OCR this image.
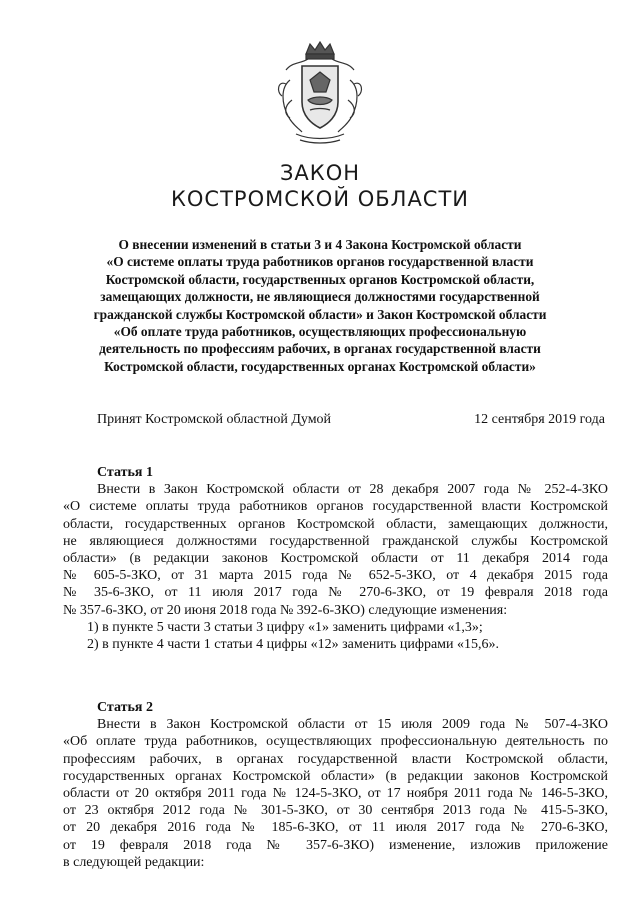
ЗАКОН
КОСТРОМСКОЙ ОБЛАСТИ
О внесении изменений в статьи 3 и 4 Закона Костромской области
«О системе оплаты труда работников органов государственной власти
Костромской области, государственных органов Костромской области,
замещающих должности, не являющиеся должностями государственной
гражданской службы Костромской области» и Закон Костромской области
«Об оплате труда работников, осуществляющих профессиональную
деятельность по профессиям рабочих, в органах государственной власти
Костромской области, государственных органах Костромской области»
Принят Костромской областной Думой	12 сентября 2019 года
Статья 1
Внести в Закон Костромской области от 28 декабря 2007 года № 252-4-ЗКО
«О системе оплаты труда работников органов государственной власти Костромской
области, государственных органов Костромской области, замещающих должности,
не являющиеся должностями государственной гражданской службы Костромской
области» (в редакции законов Костромской области от 11 декабря 2014 года
№ 605-5-ЗКО, от 31 марта 2015 года № 652-5-ЗКО, от 4 декабря 2015 года
№ 35-6-ЗКО, от 11 июля 2017 года № 270-6-ЗКО, от 19 февраля 2018 года
№ 357-6-ЗКО, от 20 июня 2018 года № 392-6-ЗКО) следующие изменения:
1) в пункте 5 части 3 статьи 3 цифру «1» заменить цифрами «1,3»;
2) в пункте 4 части 1 статьи 4 цифры «12» заменить цифрами «15,6».
Статья 2
Внести в Закон Костромской области от 15 июля 2009 года № 507-4-ЗКО
«Об оплате труда работников, осуществляющих профессиональную деятельность по
профессиям рабочих, в органах государственной власти Костромской области,
государственных органах Костромской области» (в редакции законов Костромской
области от 20 октября 2011 года № 124-5-ЗКО, от 17 ноября 2011 года № 146-5-ЗКО,
от 23 октября 2012 года № 301-5-ЗКО, от 30 сентября 2013 года № 415-5-ЗКО,
от 20 декабря 2016 года № 185-6-ЗКО, от 11 июля 2017 года № 270-6-ЗКО,
от 19 февраля 2018 года № 357-6-ЗКО) изменение, изложив приложение
в следующей редакции:
